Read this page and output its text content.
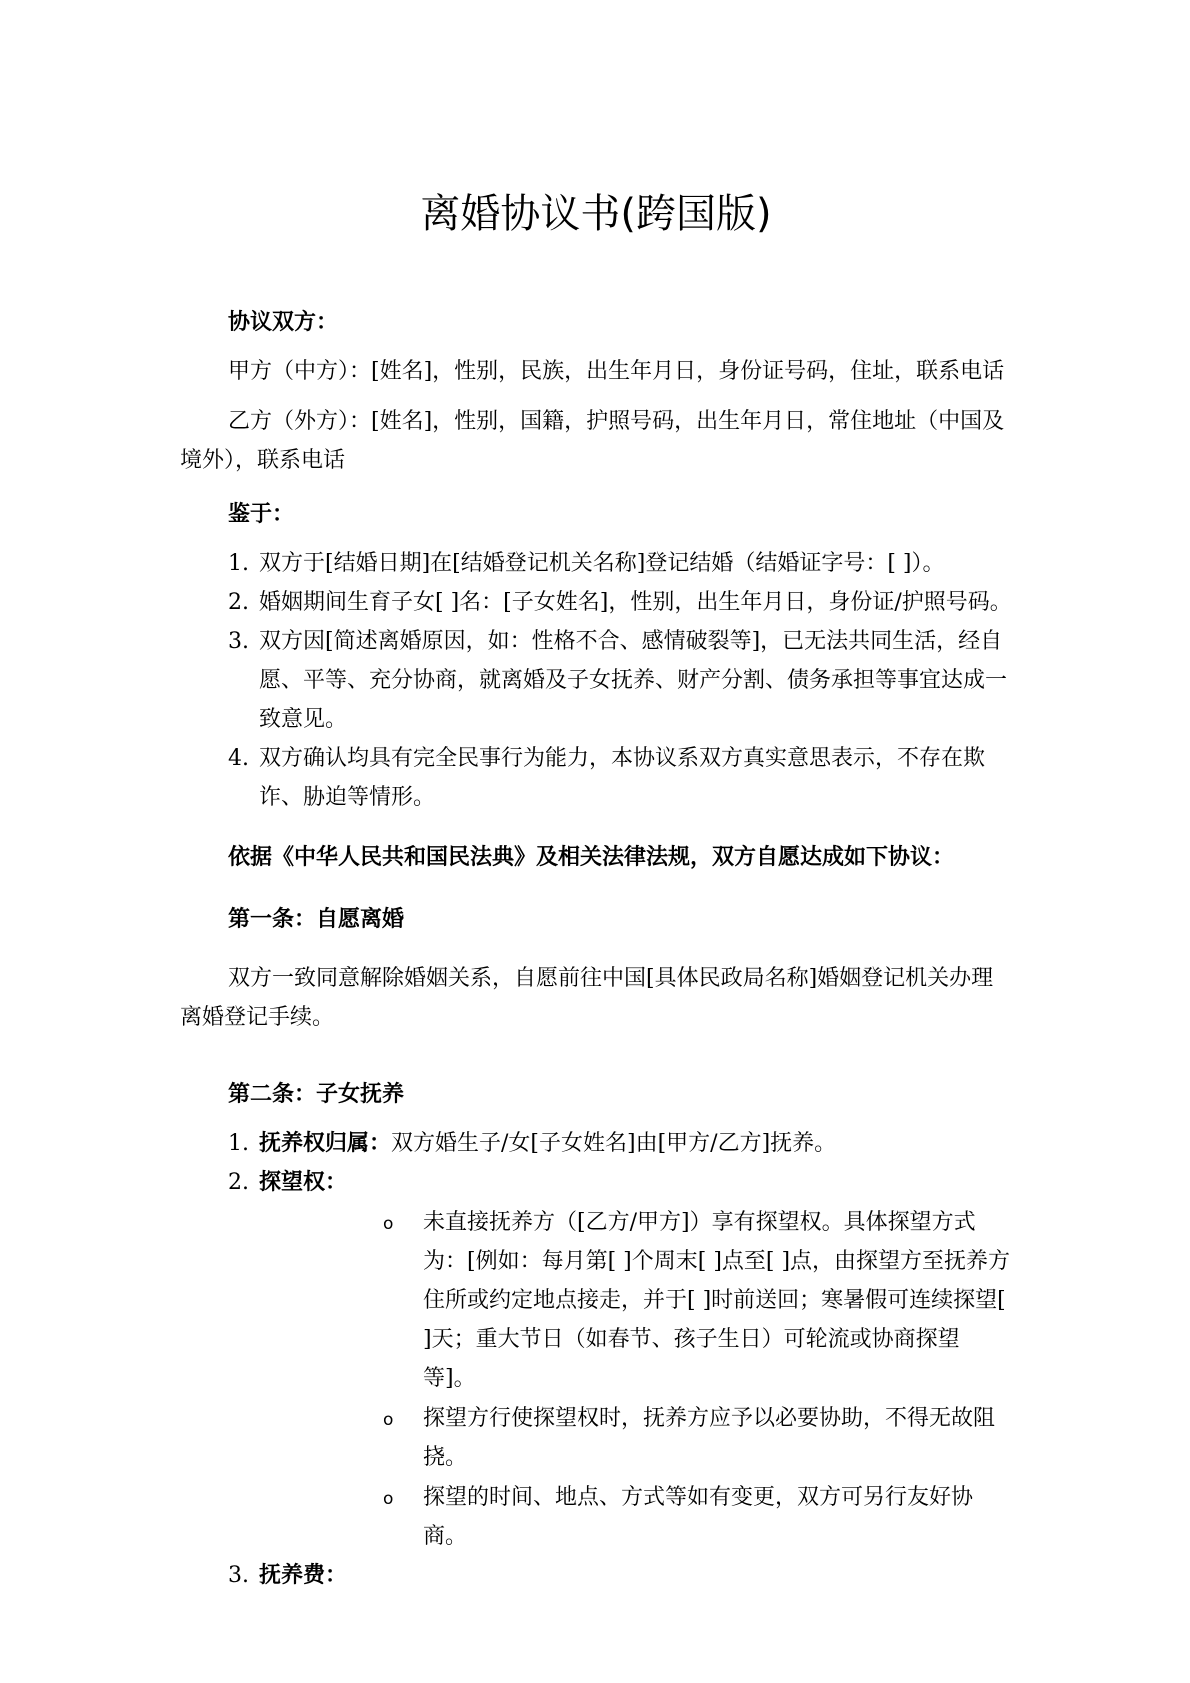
离婚协议书(跨国版)

协议双方：

甲方（中方）：[姓名]，性别，民族，出生年月日，身份证号码，住址，联系电话

乙方（外方）：[姓名]，性别，国籍，护照号码，出生年月日，常住地址（中国及境外），联系电话

鉴于：

1. 双方于[结婚日期]在[结婚登记机关名称]登记结婚（结婚证字号：[ ]）。
2. 婚姻期间生育子女[ ]名：[子女姓名]，性别，出生年月日，身份证/护照号码。
3. 双方因[简述离婚原因，如：性格不合、感情破裂等]，已无法共同生活，经自愿、平等、充分协商，就离婚及子女抚养、财产分割、债务承担等事宜达成一致意见。
4. 双方确认均具有完全民事行为能力，本协议系双方真实意思表示，不存在欺诈、胁迫等情形。

依据《中华人民共和国民法典》及相关法律法规，双方自愿达成如下协议：

第一条：自愿离婚

双方一致同意解除婚姻关系，自愿前往中国[具体民政局名称]婚姻登记机关办理离婚登记手续。

第二条：子女抚养

1. 抚养权归属：双方婚生子/女[子女姓名]由[甲方/乙方]抚养。
2. 探望权：
o 未直接抚养方（[乙方/甲方]）享有探望权。具体探望方式为：[例如：每月第[ ]个周末[ ]点至[ ]点，由探望方至抚养方住所或约定地点接走，并于[ ]时前送回；寒暑假可连续探望[ ]天；重大节日（如春节、孩子生日）可轮流或协商探望等]。
o 探望方行使探望权时，抚养方应予以必要协助，不得无故阻挠。
o 探望的时间、地点、方式等如有变更，双方可另行友好协商。
3. 抚养费：
